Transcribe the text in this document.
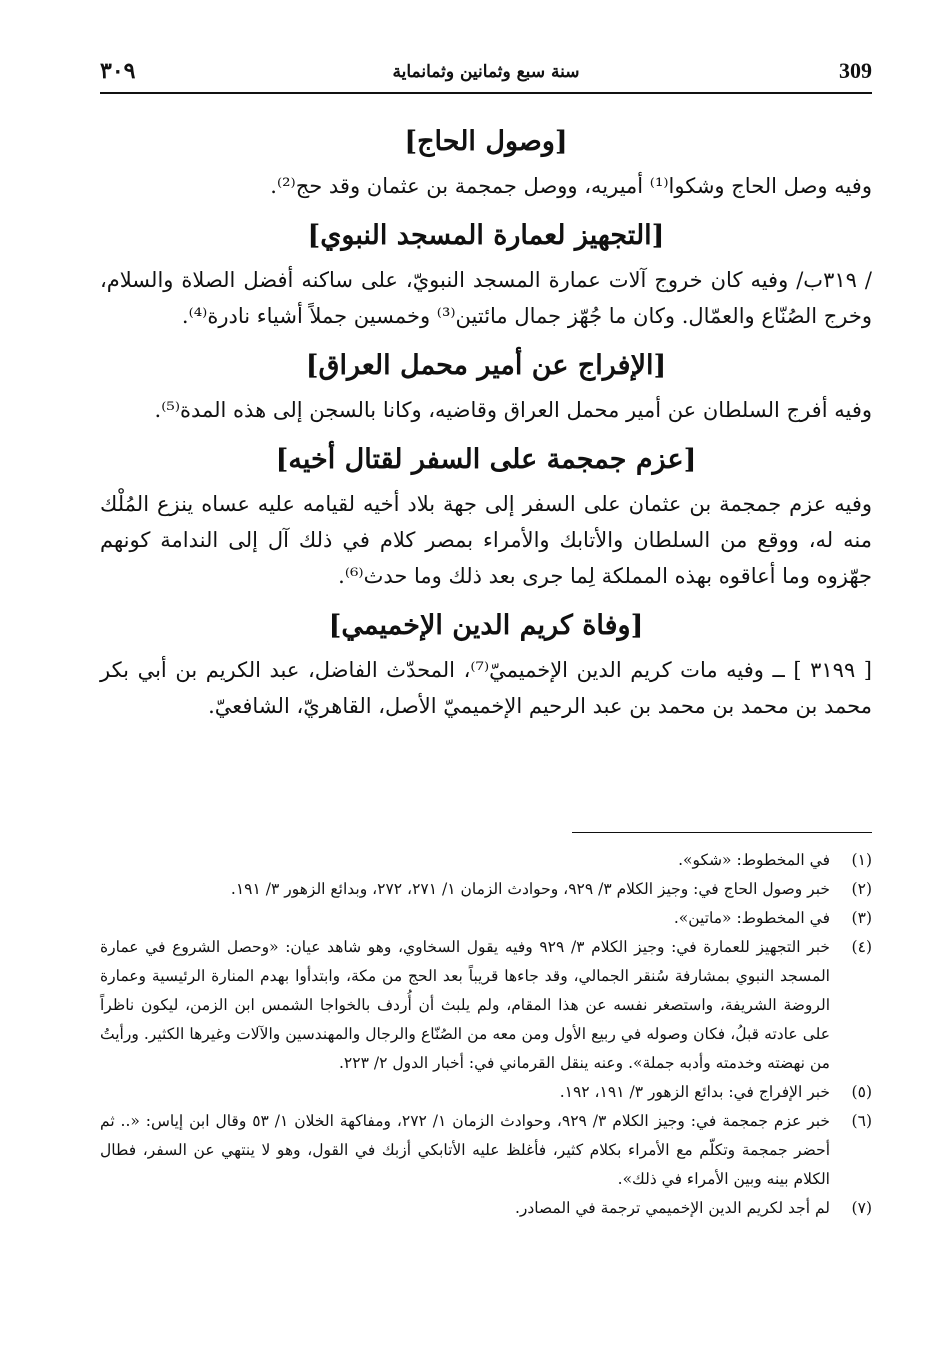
٣٠٩	سنة سبع وثمانين وثمانماية	309
[وصول الحاج]

وفيه وصل الحاج وشكوا⁽¹⁾ أميريه، ووصل جمجمة بن عثمان وقد حج⁽²⁾.

[التجهيز لعمارة المسجد النبوي]

/ ٣١٩ب/ وفيه كان خروج آلات عمارة المسجد النبويّ، على ساكنه أفضل الصلاة والسلام، وخرج الصُنّاع والعمّال. وكان ما جُهّز جمال مائتين⁽³⁾ وخمسين جملاً أشياء نادرة⁽⁴⁾.

[الإفراج عن أمير محمل العراق]

وفيه أفرج السلطان عن أمير محمل العراق وقاضيه، وكانا بالسجن إلى هذه المدة⁽⁵⁾.

[عزم جمجمة على السفر لقتال أخيه]

وفيه عزم جمجمة بن عثمان على السفر إلى جهة بلاد أخيه لقيامه عليه عساه ينزع المُلْك منه له، ووقع من السلطان والأتابك والأمراء بمصر كلام في ذلك آل إلى الندامة كونهم جهّزوه وما أعاقوه بهذه المملكة لِما جرى بعد ذلك وما حدث⁽⁶⁾.

[وفاة كريم الدين الإخميمي]

[ ٣١٩٩ ] ــ وفيه مات كريم الدين الإخميميّ⁽⁷⁾، المحدّث الفاضل، عبد الكريم بن أبي بكر محمد بن محمد بن محمد بن عبد الرحيم الإخميميّ الأصل، القاهريّ، الشافعيّ.

(١)
في المخطوط: «شكو».
(٢)
خبر وصول الحاج في: وجيز الكلام ٣/ ٩٢٩، وحوادث الزمان ١/ ٢٧١، ٢٧٢، وبدائع الزهور ٣/ ١٩١.
(٣)
في المخطوط: «ماتين».
(٤)
خبر التجهيز للعمارة في: وجيز الكلام ٣/ ٩٢٩ وفيه يقول السخاوي، وهو شاهد عيان: «وحصل الشروع في عمارة المسجد النبوي بمشارفة سُنقر الجمالي، وقد جاءها قريباً بعد الحج من مكة، وابتدأوا بهدم المنارة الرئيسية وعمارة الروضة الشريفة، واستصغر نفسه عن هذا المقام، ولم يلبث أن أُردف بالخواجا الشمس ابن الزمن، ليكون ناظراً على عادته قبلُ، فكان وصوله في ربيع الأول ومن معه من الصُنّاع والرجال والمهندسين والآلات وغيرها الكثير. ورأيتُ من نهضته وخدمته وأدبه جملة». وعنه ينقل القرماني في: أخبار الدول ٢/ ٢٢٣.
(٥)
خبر الإفراج في: بدائع الزهور ٣/ ١٩١، ١٩٢.
(٦)
خبر عزم جمجمة في: وجيز الكلام ٣/ ٩٢٩، وحوادث الزمان ١/ ٢٧٢، ومفاكهة الخلان ١/ ٥٣ وقال ابن إياس: «.. ثم أحضر جمجمة وتكلّم مع الأمراء بكلام كثير، فأغلظ عليه الأتابكي أزبك في القول، وهو لا ينتهي عن السفر، فطال الكلام بينه وبين الأمراء في ذلك».
(٧)
لم أجد لكريم الدين الإخميمي ترجمة في المصادر.
